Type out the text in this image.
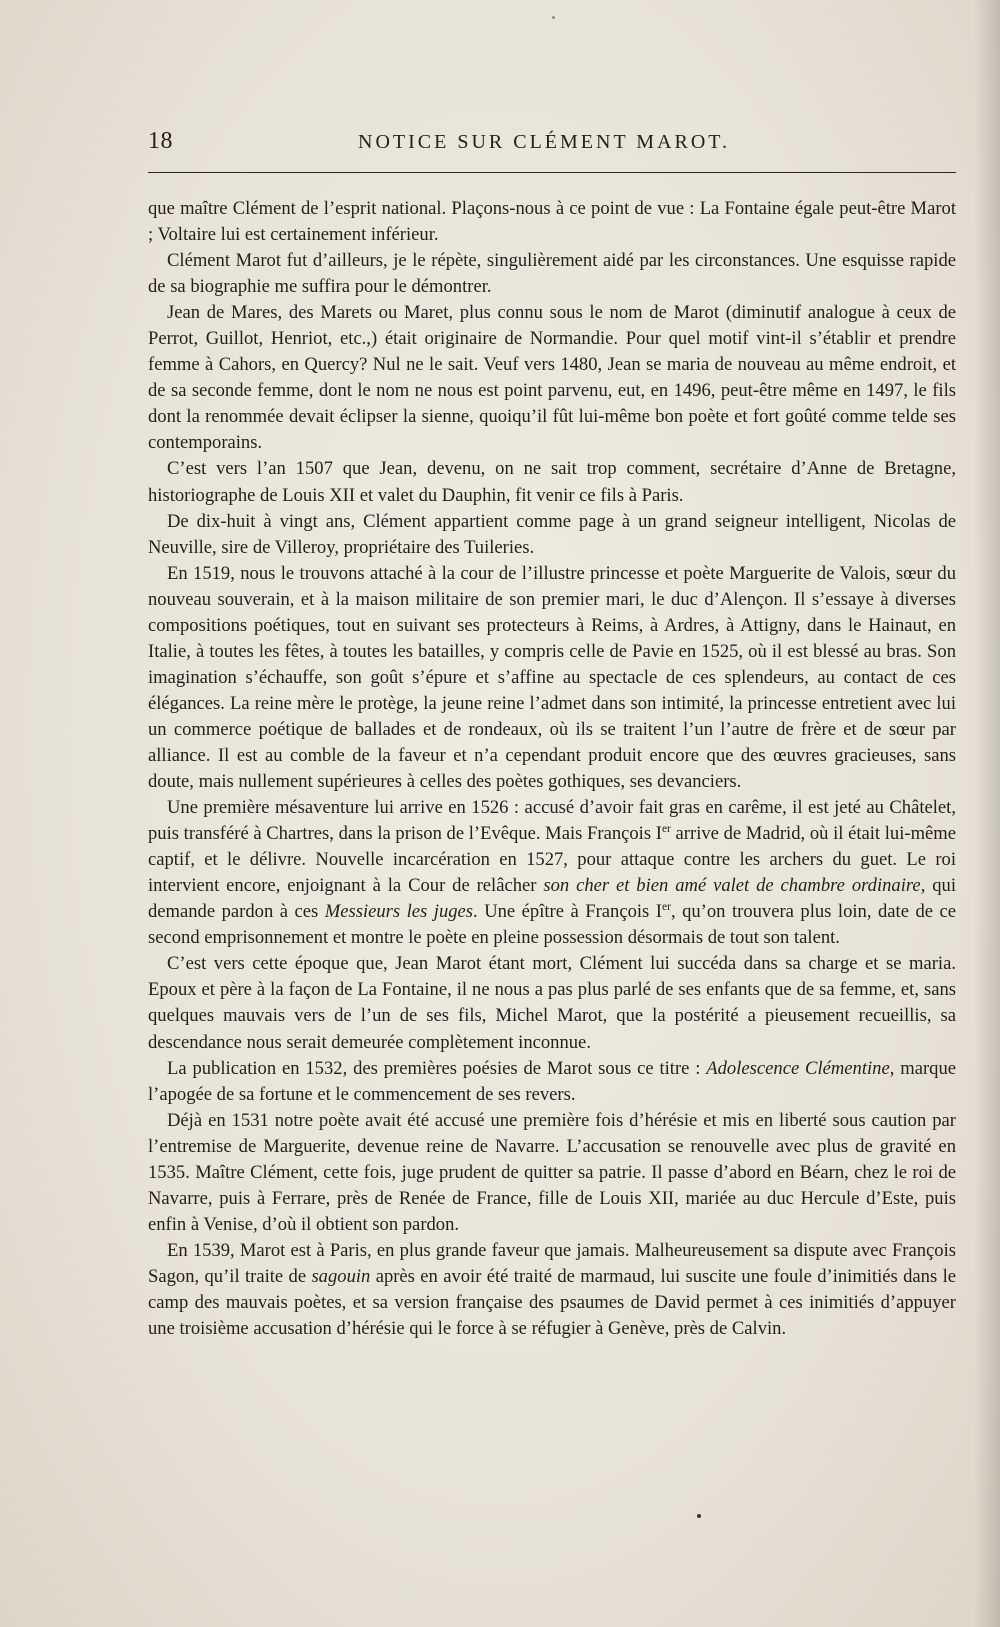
18	NOTICE SUR CLÉMENT MAROT.

que maître Clément de l’esprit national. Plaçons-nous à ce point de vue : La Fontaine égale peut-être Marot ; Voltaire lui est certainement inférieur.

Clément Marot fut d’ailleurs, je le répète, singulièrement aidé par les circonstances. Une esquisse rapide de sa biographie me suffira pour le démontrer.

Jean de Mares, des Marets ou Maret, plus connu sous le nom de Marot (diminutif analogue à ceux de Perrot, Guillot, Henriot, etc.,) était originaire de Normandie. Pour quel motif vint-il s’établir et prendre femme à Cahors, en Quercy? Nul ne le sait. Veuf vers 1480, Jean se maria de nouveau au même endroit, et de sa seconde femme, dont le nom ne nous est point parvenu, eut, en 1496, peut-être même en 1497, le fils dont la renommée devait éclipser la sienne, quoiqu’il fût lui-même bon poète et fort goûté comme telde ses contemporains.

C’est vers l’an 1507 que Jean, devenu, on ne sait trop comment, secrétaire d’Anne de Bretagne, historiographe de Louis XII et valet du Dauphin, fit venir ce fils à Paris.

De dix-huit à vingt ans, Clément appartient comme page à un grand seigneur intelligent, Nicolas de Neuville, sire de Villeroy, propriétaire des Tuileries.

En 1519, nous le trouvons attaché à la cour de l’illustre princesse et poète Marguerite de Valois, sœur du nouveau souverain, et à la maison militaire de son premier mari, le duc d’Alençon. Il s’essaye à diverses compositions poétiques, tout en suivant ses protecteurs à Reims, à Ardres, à Attigny, dans le Hainaut, en Italie, à toutes les fêtes, à toutes les batailles, y compris celle de Pavie en 1525, où il est blessé au bras. Son imagination s’échauffe, son goût s’épure et s’affine au spectacle de ces splendeurs, au contact de ces élégances. La reine mère le protège, la jeune reine l’admet dans son intimité, la princesse entretient avec lui un commerce poétique de ballades et de rondeaux, où ils se traitent l’un l’autre de frère et de sœur par alliance. Il est au comble de la faveur et n’a cependant produit encore que des œuvres gracieuses, sans doute, mais nullement supérieures à celles des poètes gothiques, ses devanciers.

Une première mésaventure lui arrive en 1526 : accusé d’avoir fait gras en carême, il est jeté au Châtelet, puis transféré à Chartres, dans la prison de l’Evêque. Mais François Ier arrive de Madrid, où il était lui-même captif, et le délivre. Nouvelle incarcération en 1527, pour attaque contre les archers du guet. Le roi intervient encore, enjoignant à la Cour de relâcher son cher et bien amé valet de chambre ordinaire, qui demande pardon à ces Messieurs les juges. Une épître à François Ier, qu’on trouvera plus loin, date de ce second emprisonnement et montre le poète en pleine possession désormais de tout son talent.

C’est vers cette époque que, Jean Marot étant mort, Clément lui succéda dans sa charge et se maria. Epoux et père à la façon de La Fontaine, il ne nous a pas plus parlé de ses enfants que de sa femme, et, sans quelques mauvais vers de l’un de ses fils, Michel Marot, que la postérité a pieusement recueillis, sa descendance nous serait demeurée complètement inconnue.

La publication en 1532, des premières poésies de Marot sous ce titre : Adolescence Clémentine, marque l’apogée de sa fortune et le commencement de ses revers.

Déjà en 1531 notre poète avait été accusé une première fois d’hérésie et mis en liberté sous caution par l’entremise de Marguerite, devenue reine de Navarre. L’accusation se renouvelle avec plus de gravité en 1535. Maître Clément, cette fois, juge prudent de quitter sa patrie. Il passe d’abord en Béarn, chez le roi de Navarre, puis à Ferrare, près de Renée de France, fille de Louis XII, mariée au duc Hercule d’Este, puis enfin à Venise, d’où il obtient son pardon.

En 1539, Marot est à Paris, en plus grande faveur que jamais. Malheureusement sa dispute avec François Sagon, qu’il traite de sagouin après en avoir été traité de marmaud, lui suscite une foule d’inimitiés dans le camp des mauvais poètes, et sa version française des psaumes de David permet à ces inimitiés d’appuyer une troisième accusation d’hérésie qui le force à se réfugier à Genève, près de Calvin.
